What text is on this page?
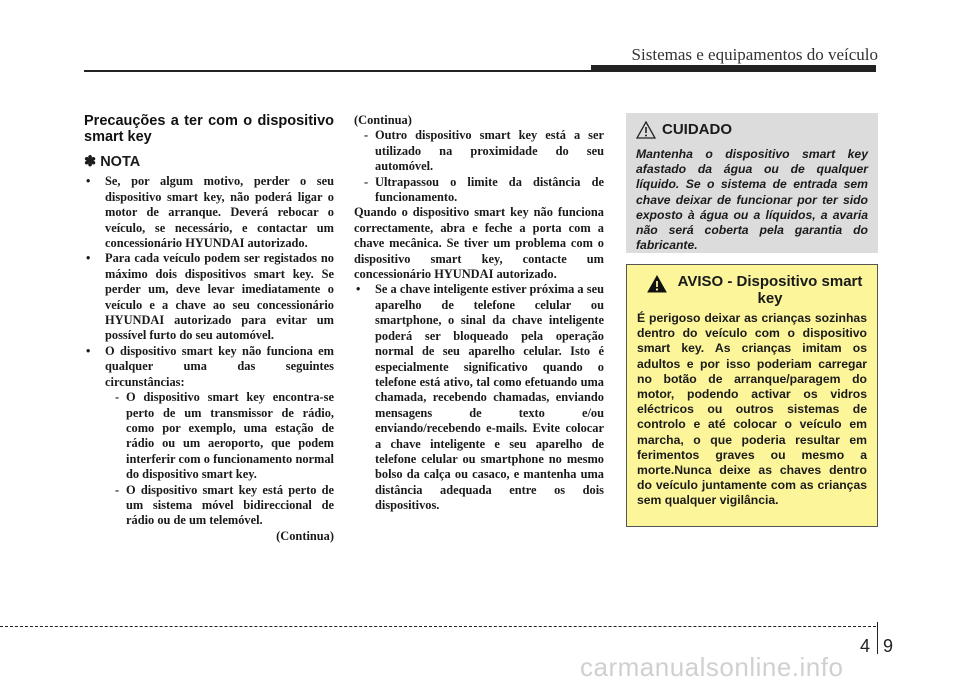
Sistemas e equipamentos do veículo
Precauções a ter com o dispositivo smart key
✽ NOTA
• Se, por algum motivo, perder o seu dispositivo smart key, não poderá ligar o motor de arranque. Deverá rebocar o veículo, se necessário, e contactar um concessionário HYUNDAI autorizado.
• Para cada veículo podem ser registados no máximo dois dispositivos smart key. Se perder um, deve levar imediatamente o veículo e a chave ao seu concessionário HYUNDAI autorizado para evitar um possível furto do seu automóvel.
• O dispositivo smart key não funciona em qualquer uma das seguintes circunstâncias:
- O dispositivo smart key encontra-se perto de um transmissor de rádio, como por exemplo, uma estação de rádio ou um aeroporto, que podem interferir com o funcionamento normal do dispositivo smart key.
- O dispositivo smart key está perto de um sistema móvel bidireccional de rádio ou de um telemóvel.
(Continua)
(Continua)
- Outro dispositivo smart key está a ser utilizado na proximidade do seu automóvel.
- Ultrapassou o limite da distância de funcionamento.
Quando o dispositivo smart key não funciona correctamente, abra e feche a porta com a chave mecânica. Se tiver um problema com o dispositivo smart key, contacte um concessionário HYUNDAI autorizado.
• Se a chave inteligente estiver próxima a seu aparelho de telefone celular ou smartphone, o sinal da chave inteligente poderá ser bloqueado pela operação normal de seu aparelho celular. Isto é especialmente significativo quando o telefone está ativo, tal como efetuando uma chamada, recebendo chamadas, enviando mensagens de texto e/ou enviando/recebendo e-mails. Evite colocar a chave inteligente e seu aparelho de telefone celular ou smartphone no mesmo bolso da calça ou casaco, e mantenha uma distância adequada entre os dois dispositivos.
CUIDADO
Mantenha o dispositivo smart key afastado da água ou de qualquer líquido. Se o sistema de entrada sem chave deixar de funcionar por ter sido exposto à água ou a líquidos, a avaria não será coberta pela garantia do fabricante.
AVISO - Dispositivo smart key
É perigoso deixar as crianças sozinhas dentro do veículo com o dispositivo smart key. As crianças imitam os adultos e por isso poderiam carregar no botão de arranque/paragem do motor, podendo activar os vidros eléctricos ou outros sistemas de controlo e até colocar o veículo em marcha, o que poderia resultar em ferimentos graves ou mesmo a morte.Nunca deixe as chaves dentro do veículo juntamente com as crianças sem qualquer vigilância.
4 9
carmanualsonline.info
